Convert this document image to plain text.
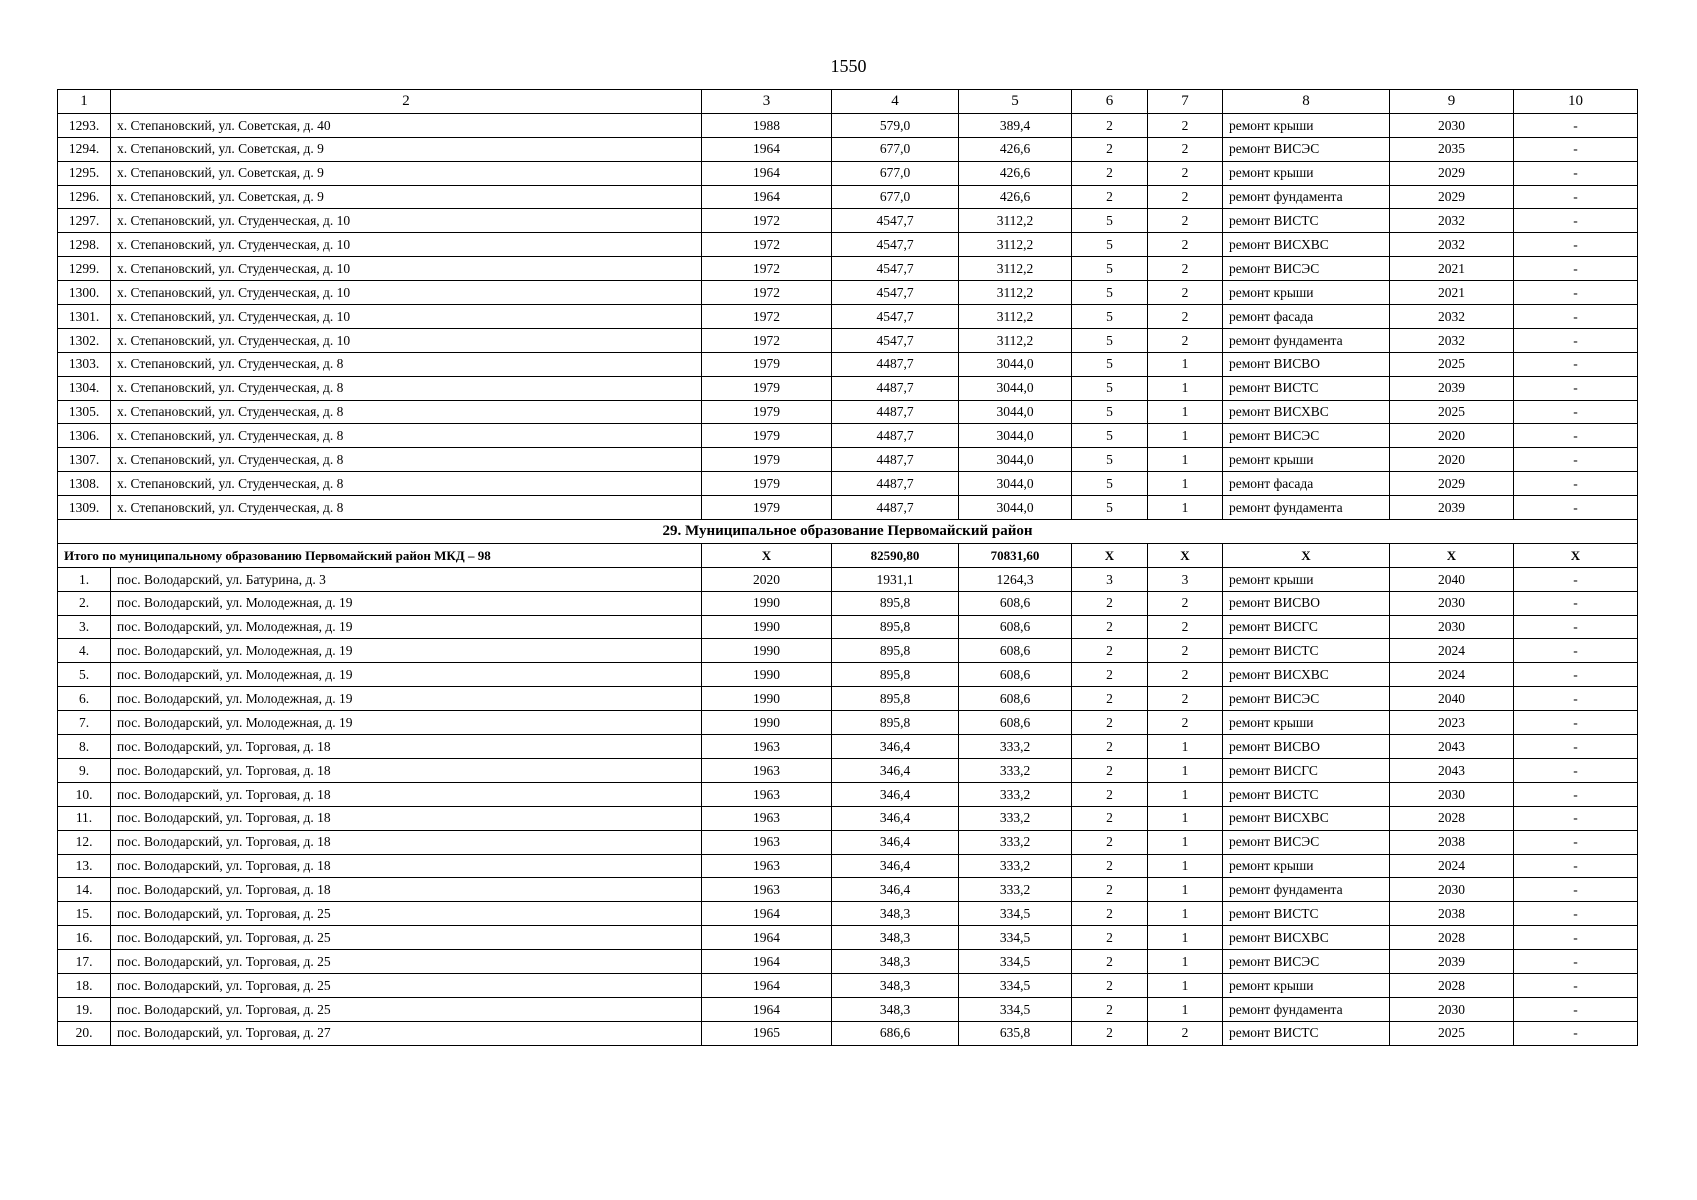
1550
1	2	3	4	5	6	7	8	9	10
1293.	х. Степановский, ул. Советская, д. 40	1988	579,0	389,4	2	2	ремонт крыши	2030	-
1294.	х. Степановский, ул. Советская, д. 9	1964	677,0	426,6	2	2	ремонт ВИСЭС	2035	-
1295.	х. Степановский, ул. Советская, д. 9	1964	677,0	426,6	2	2	ремонт крыши	2029	-
1296.	х. Степановский, ул. Советская, д. 9	1964	677,0	426,6	2	2	ремонт фундамента	2029	-
1297.	х. Степановский, ул. Студенческая, д. 10	1972	4547,7	3112,2	5	2	ремонт ВИСТС	2032	-
1298.	х. Степановский, ул. Студенческая, д. 10	1972	4547,7	3112,2	5	2	ремонт ВИСХВС	2032	-
1299.	х. Степановский, ул. Студенческая, д. 10	1972	4547,7	3112,2	5	2	ремонт ВИСЭС	2021	-
1300.	х. Степановский, ул. Студенческая, д. 10	1972	4547,7	3112,2	5	2	ремонт крыши	2021	-
1301.	х. Степановский, ул. Студенческая, д. 10	1972	4547,7	3112,2	5	2	ремонт фасада	2032	-
1302.	х. Степановский, ул. Студенческая, д. 10	1972	4547,7	3112,2	5	2	ремонт фундамента	2032	-
1303.	х. Степановский, ул. Студенческая, д. 8	1979	4487,7	3044,0	5	1	ремонт ВИСВО	2025	-
1304.	х. Степановский, ул. Студенческая, д. 8	1979	4487,7	3044,0	5	1	ремонт ВИСТС	2039	-
1305.	х. Степановский, ул. Студенческая, д. 8	1979	4487,7	3044,0	5	1	ремонт ВИСХВС	2025	-
1306.	х. Степановский, ул. Студенческая, д. 8	1979	4487,7	3044,0	5	1	ремонт ВИСЭС	2020	-
1307.	х. Степановский, ул. Студенческая, д. 8	1979	4487,7	3044,0	5	1	ремонт крыши	2020	-
1308.	х. Степановский, ул. Студенческая, д. 8	1979	4487,7	3044,0	5	1	ремонт фасада	2029	-
1309.	х. Степановский, ул. Студенческая, д. 8	1979	4487,7	3044,0	5	1	ремонт фундамента	2039	-
29. Муниципальное образование Первомайский район									
Итого по муниципальному образованию Первомайский район МКД – 98		Х	82590,80	70831,60	Х	Х	Х	Х	Х
1.	пос. Володарский, ул. Батурина, д. 3	2020	1931,1	1264,3	3	3	ремонт крыши	2040	-
2.	пос. Володарский, ул. Молодежная, д. 19	1990	895,8	608,6	2	2	ремонт ВИСВО	2030	-
3.	пос. Володарский, ул. Молодежная, д. 19	1990	895,8	608,6	2	2	ремонт ВИСГС	2030	-
4.	пос. Володарский, ул. Молодежная, д. 19	1990	895,8	608,6	2	2	ремонт ВИСТС	2024	-
5.	пос. Володарский, ул. Молодежная, д. 19	1990	895,8	608,6	2	2	ремонт ВИСХВС	2024	-
6.	пос. Володарский, ул. Молодежная, д. 19	1990	895,8	608,6	2	2	ремонт ВИСЭС	2040	-
7.	пос. Володарский, ул. Молодежная, д. 19	1990	895,8	608,6	2	2	ремонт крыши	2023	-
8.	пос. Володарский, ул. Торговая, д. 18	1963	346,4	333,2	2	1	ремонт ВИСВО	2043	-
9.	пос. Володарский, ул. Торговая, д. 18	1963	346,4	333,2	2	1	ремонт ВИСГС	2043	-
10.	пос. Володарский, ул. Торговая, д. 18	1963	346,4	333,2	2	1	ремонт ВИСТС	2030	-
11.	пос. Володарский, ул. Торговая, д. 18	1963	346,4	333,2	2	1	ремонт ВИСХВС	2028	-
12.	пос. Володарский, ул. Торговая, д. 18	1963	346,4	333,2	2	1	ремонт ВИСЭС	2038	-
13.	пос. Володарский, ул. Торговая, д. 18	1963	346,4	333,2	2	1	ремонт крыши	2024	-
14.	пос. Володарский, ул. Торговая, д. 18	1963	346,4	333,2	2	1	ремонт фундамента	2030	-
15.	пос. Володарский, ул. Торговая, д. 25	1964	348,3	334,5	2	1	ремонт ВИСТС	2038	-
16.	пос. Володарский, ул. Торговая, д. 25	1964	348,3	334,5	2	1	ремонт ВИСХВС	2028	-
17.	пос. Володарский, ул. Торговая, д. 25	1964	348,3	334,5	2	1	ремонт ВИСЭС	2039	-
18.	пос. Володарский, ул. Торговая, д. 25	1964	348,3	334,5	2	1	ремонт крыши	2028	-
19.	пос. Володарский, ул. Торговая, д. 25	1964	348,3	334,5	2	1	ремонт фундамента	2030	-
20.	пос. Володарский, ул. Торговая, д. 27	1965	686,6	635,8	2	2	ремонт ВИСТС	2025	-
